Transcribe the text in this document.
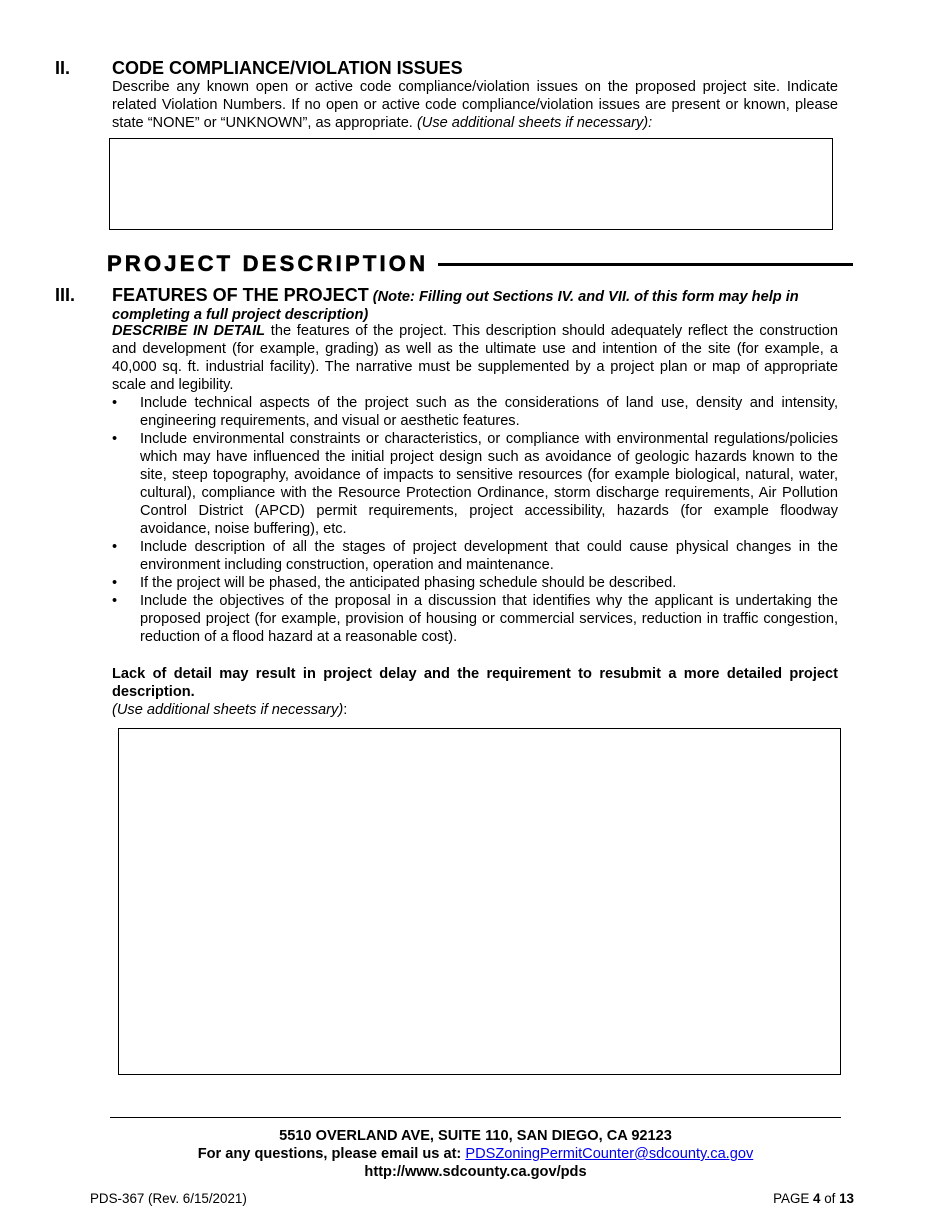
II. CODE COMPLIANCE/VIOLATION ISSUES
Describe any known open or active code compliance/violation issues on the proposed project site. Indicate related Violation Numbers. If no open or active code compliance/violation issues are present or known, please state “NONE” or “UNKNOWN”, as appropriate. (Use additional sheets if necessary):
PROJECT DESCRIPTION
III. FEATURES OF THE PROJECT (Note: Filling out Sections IV. and VII. of this form may help in completing a full project description)
DESCRIBE IN DETAIL the features of the project. This description should adequately reflect the construction and development (for example, grading) as well as the ultimate use and intention of the site (for example, a 40,000 sq. ft. industrial facility). The narrative must be supplemented by a project plan or map of appropriate scale and legibility.
• Include technical aspects of the project such as the considerations of land use, density and intensity, engineering requirements, and visual or aesthetic features.
• Include environmental constraints or characteristics, or compliance with environmental regulations/policies which may have influenced the initial project design such as avoidance of geologic hazards known to the site, steep topography, avoidance of impacts to sensitive resources (for example biological, natural, water, cultural), compliance with the Resource Protection Ordinance, storm discharge requirements, Air Pollution Control District (APCD) permit requirements, project accessibility, hazards (for example floodway avoidance, noise buffering), etc.
• Include description of all the stages of project development that could cause physical changes in the environment including construction, operation and maintenance.
• If the project will be phased, the anticipated phasing schedule should be described.
• Include the objectives of the proposal in a discussion that identifies why the applicant is undertaking the proposed project (for example, provision of housing or commercial services, reduction in traffic congestion, reduction of a flood hazard at a reasonable cost).
Lack of detail may result in project delay and the requirement to resubmit a more detailed project description.
(Use additional sheets if necessary):
5510 OVERLAND AVE, SUITE 110, SAN DIEGO, CA 92123
For any questions, please email us at: PDSZoningPermitCounter@sdcounty.ca.gov
http://www.sdcounty.ca.gov/pds
PDS-367 (Rev. 6/15/2021)	PAGE 4 of 13
